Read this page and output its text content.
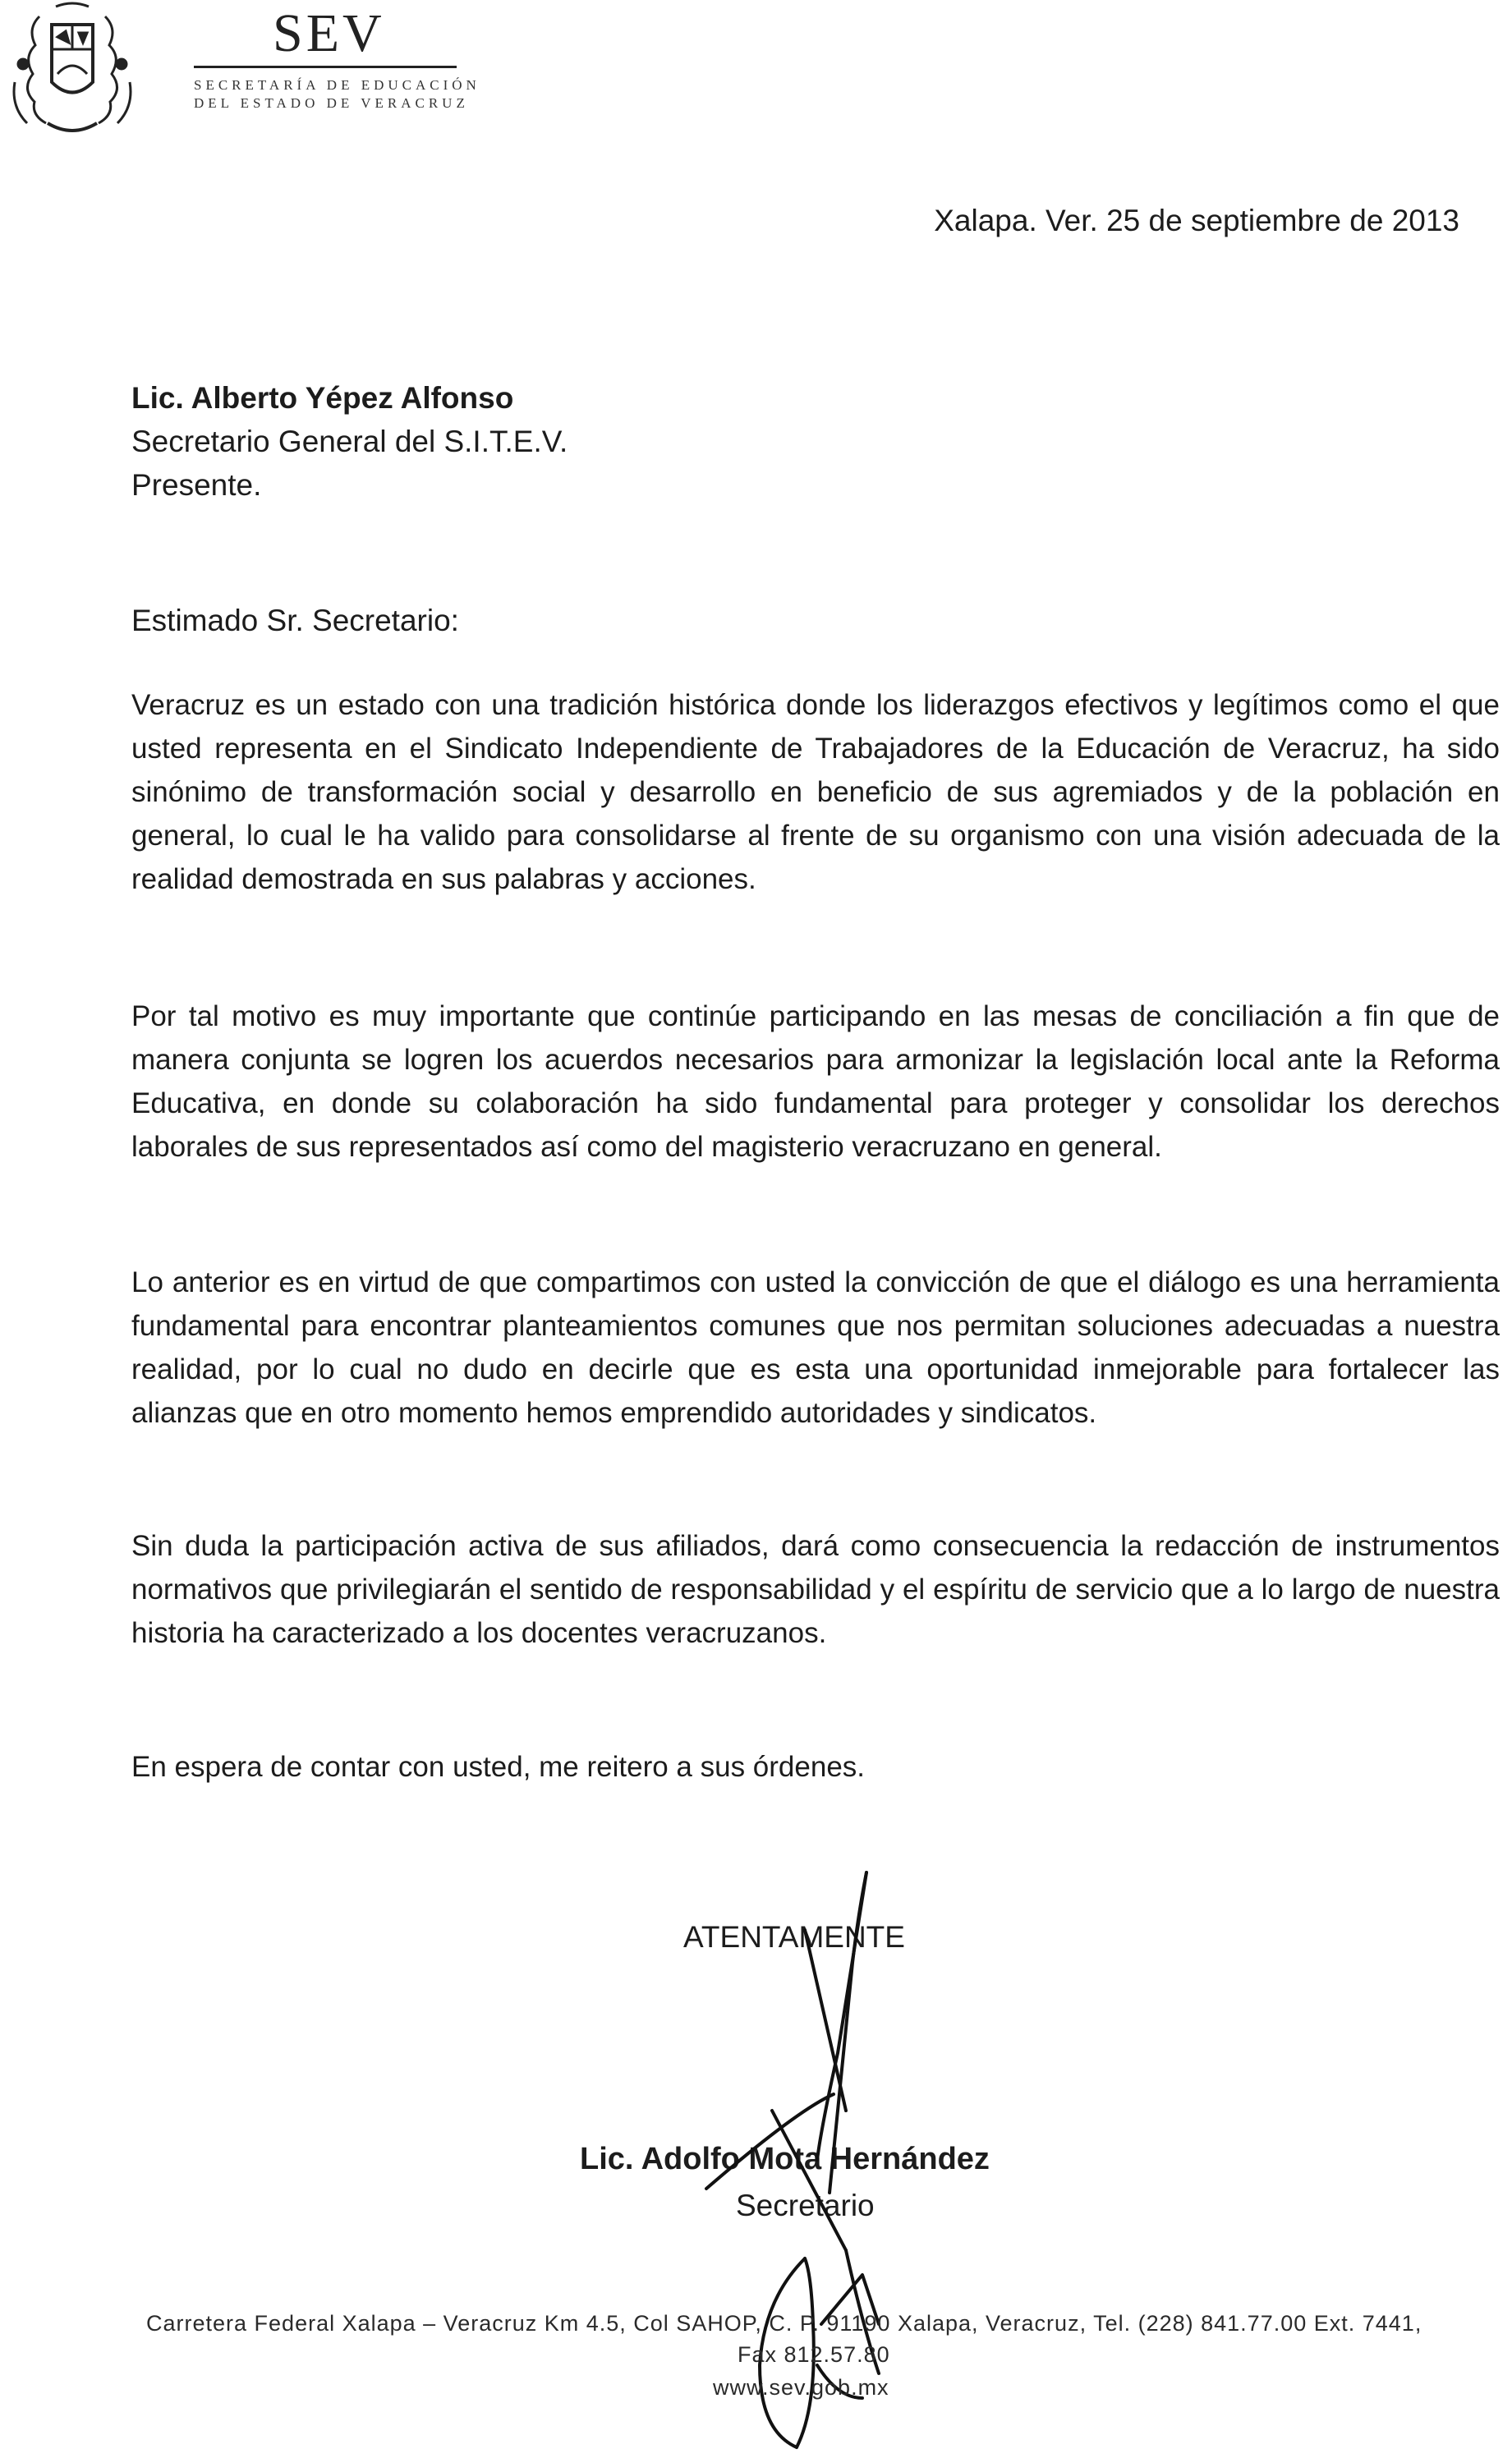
SEV
SECRETARÍA DE EDUCACIÓN
DEL ESTADO DE VERACRUZ
Xalapa. Ver. 25 de septiembre de 2013
Lic. Alberto Yépez Alfonso
Secretario General del S.I.T.E.V.
Presente.
Estimado Sr. Secretario:

Veracruz es un estado con una tradición histórica donde los liderazgos efectivos y legítimos como el que usted representa en el Sindicato Independiente de Trabajadores de la Educación de Veracruz, ha sido sinónimo de transformación social y desarrollo en beneficio de sus agremiados y de la población en general, lo cual le ha valido para consolidarse al frente de su organismo con una visión adecuada de la realidad demostrada en sus palabras y acciones.

Por tal motivo es muy importante que continúe participando en las mesas de conciliación a fin que de manera conjunta se logren los acuerdos necesarios para armonizar la legislación local ante la Reforma Educativa, en donde su colaboración ha sido fundamental para proteger y consolidar los derechos laborales de sus representados así como del magisterio veracruzano en general.

Lo anterior es en virtud de que compartimos con usted la convicción de que el diálogo es una herramienta fundamental para encontrar planteamientos comunes que nos permitan soluciones adecuadas a nuestra realidad, por lo cual no dudo en decirle que es esta una oportunidad inmejorable para fortalecer las alianzas que en otro momento hemos emprendido autoridades y sindicatos.

Sin duda la participación activa de sus afiliados, dará como consecuencia la redacción de instrumentos normativos que privilegiarán el sentido de responsabilidad y el espíritu de servicio que a lo largo de nuestra historia ha caracterizado a los docentes veracruzanos.

En espera de contar con usted, me reitero a sus órdenes.

ATENTAMENTE
Lic. Adolfo Mota Hernández
Secretario
Carretera Federal Xalapa – Veracruz Km 4.5, Col SAHOP, C. P. 91190 Xalapa, Veracruz, Tel. (228) 841.77.00 Ext. 7441,
Fax 812.57.80
www.sev.gob.mx
